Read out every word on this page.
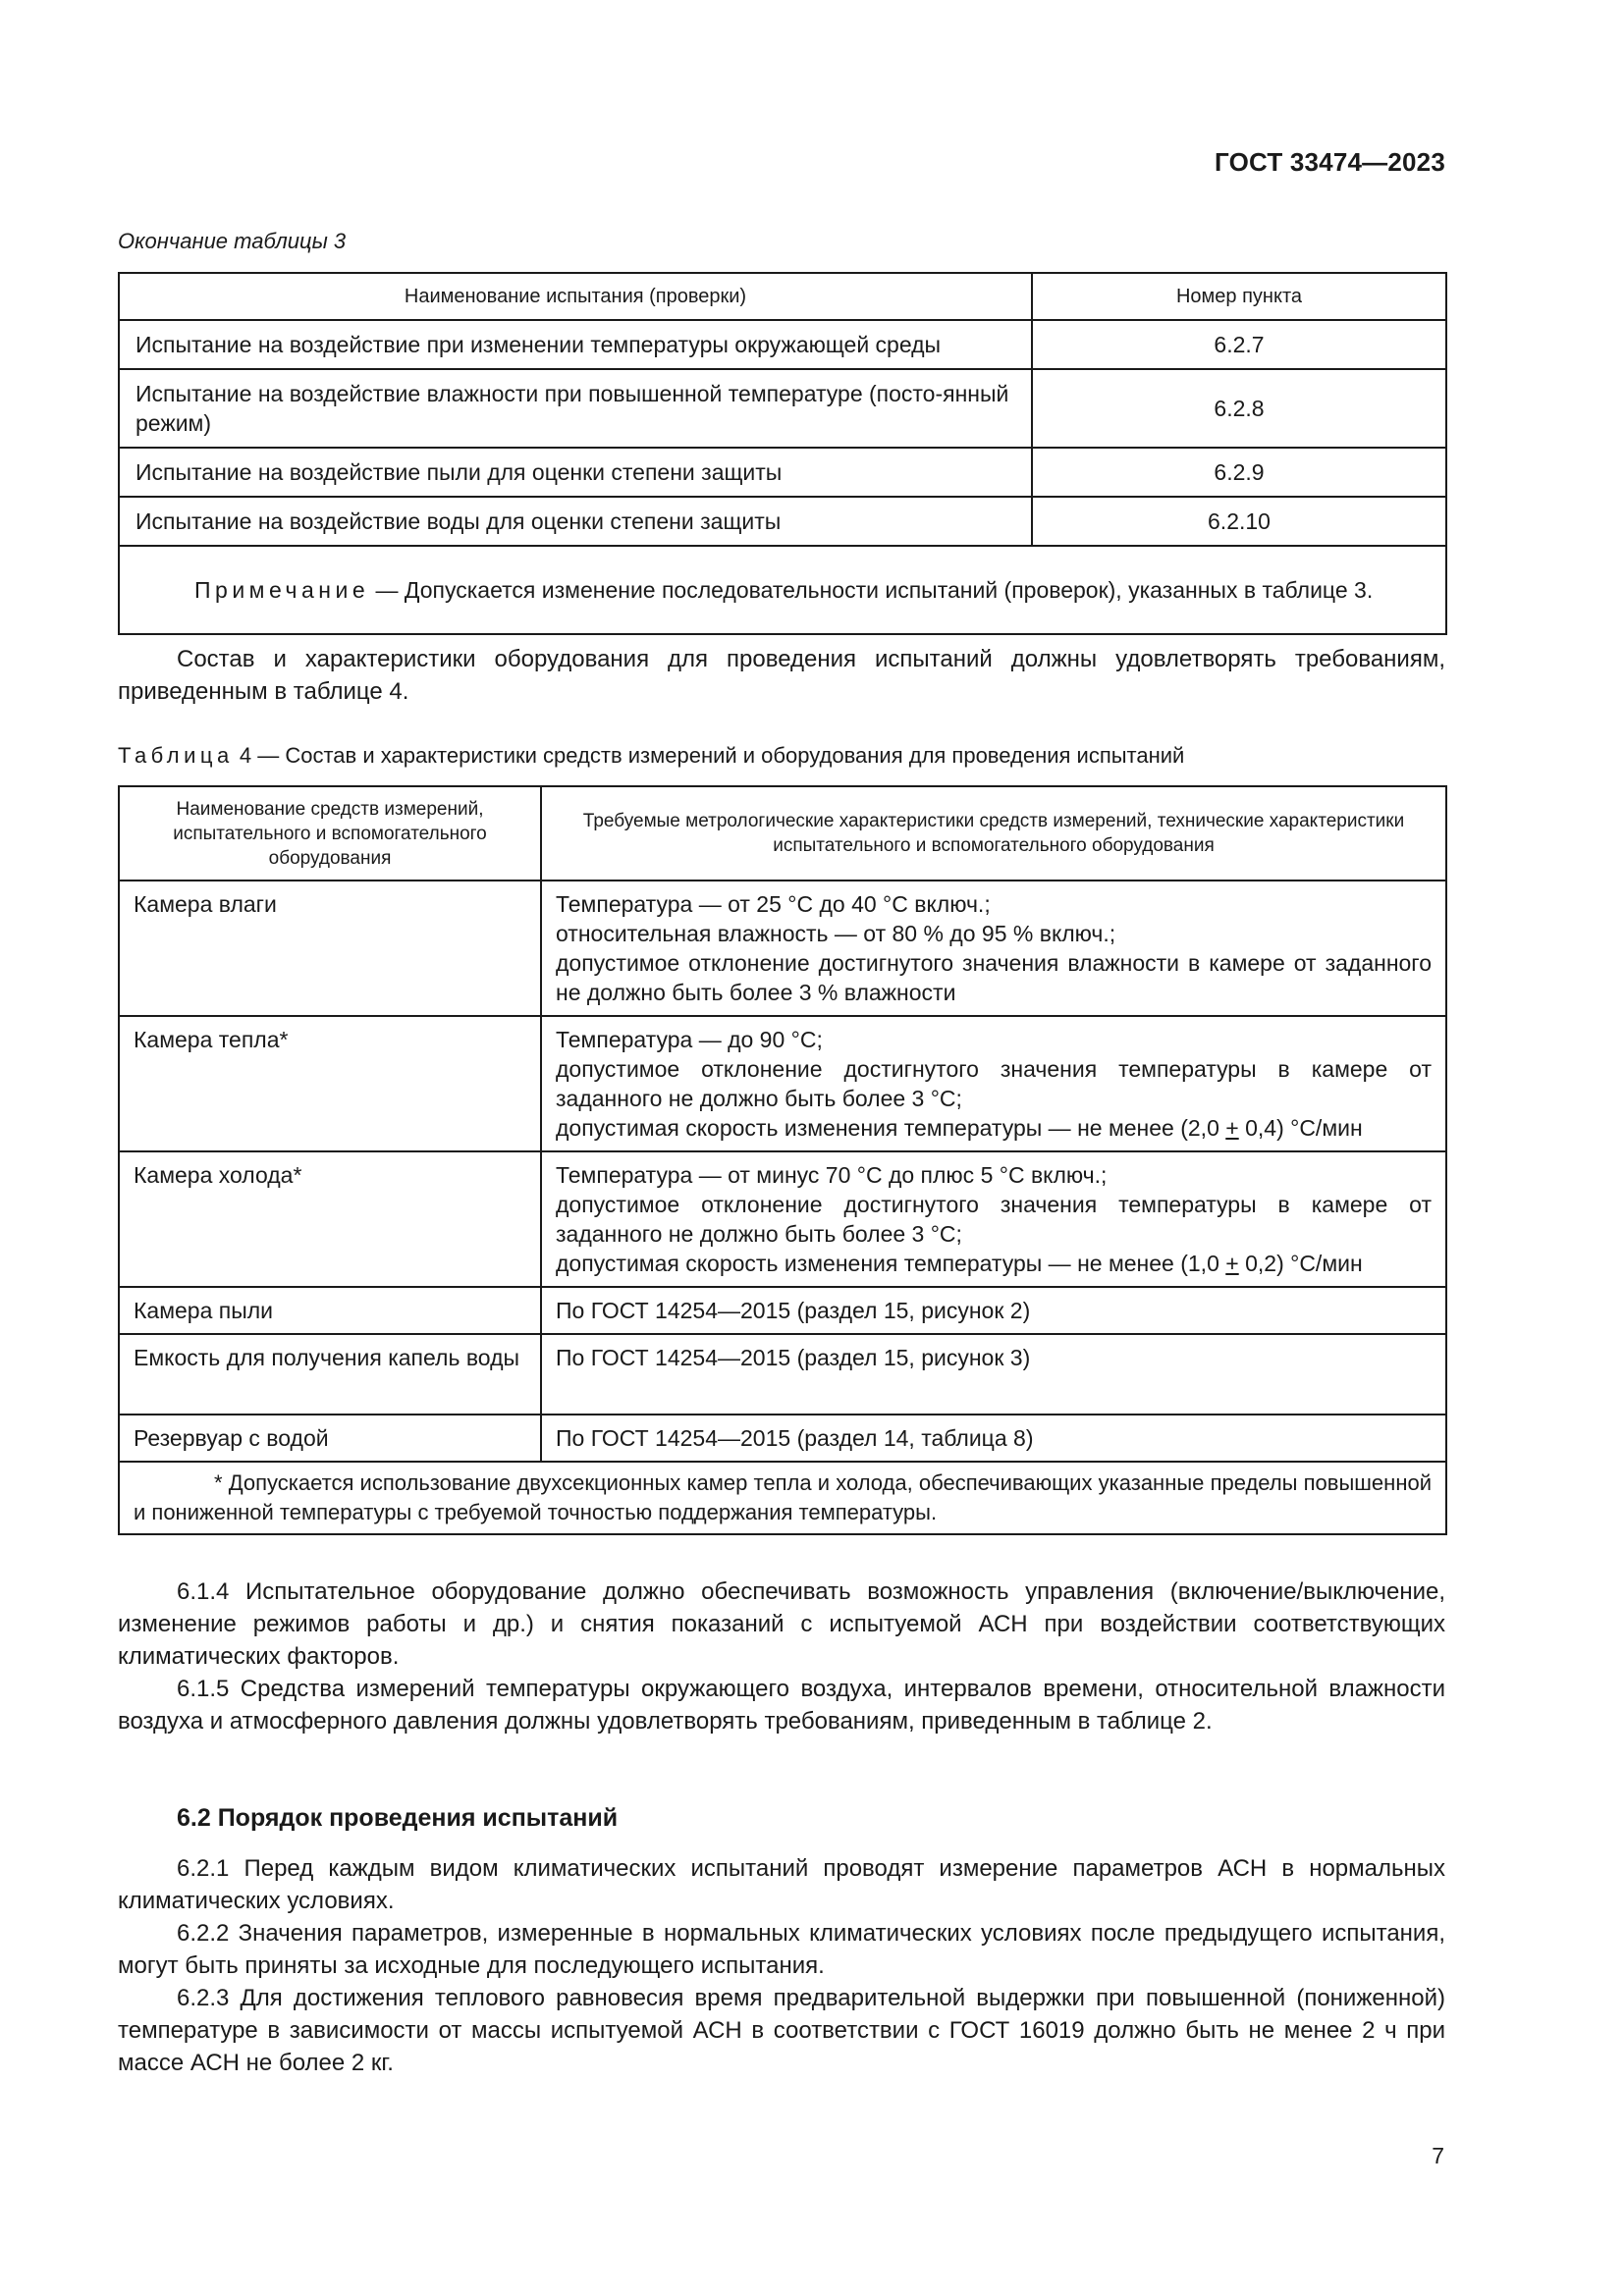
ГОСТ 33474—2023
Окончание таблицы 3
Наименование испытания (проверки)	Номер пункта
Испытание на воздействие при изменении температуры окружающей среды	6.2.7
Испытание на воздействие влажности при повышенной температуре (посто-янный режим)	6.2.8
Испытание на воздействие пыли для оценки степени защиты	6.2.9
Испытание на воздействие воды для оценки степени защиты	6.2.10
Примечание — Допускается изменение последовательности испытаний (проверок), указанных в таблице 3.	

Состав и характеристики оборудования для проведения испытаний должны удовлетворять требованиям, приведенным в таблице 4.

Таблица 4 — Состав и характеристики средств измерений и оборудования для проведения испытаний
Наименование средств измерений, испытательного и вспомогательного оборудования	Требуемые метрологические характеристики средств измерений, технические характеристики испытательного и вспомогательного оборудования
Камера влаги	Температура — от 25 °С до 40 °С включ.;
относительная влажность — от 80 % до 95 % включ.;
допустимое отклонение достигнутого значения влажности в камере от заданного не должно быть более 3 % влажности

Камера тепла*	Температура — до 90 °С;
допустимое отклонение достигнутого значения температуры в камере от заданного не должно быть более 3 °С;
допустимая скорость изменения температуры — не менее (2,0 + 0,4) °С/мин

Камера холода*	Температура — от минус 70 °С до плюс 5 °С включ.;
допустимое отклонение достигнутого значения температуры в камере от заданного не должно быть более 3 °С;
допустимая скорость изменения температуры — не менее (1,0 + 0,2) °С/мин

Камера пыли	По ГОСТ 14254—2015 (раздел 15, рисунок 2)

Емкость для получения капель воды	По ГОСТ 14254—2015 (раздел 15, рисунок 3)

Резервуар с водой	По ГОСТ 14254—2015 (раздел 14, таблица 8)

* Допускается использование двухсекционных камер тепла и холода, обеспечивающих указанные пределы повышенной и пониженной температуры с требуемой точностью поддержания температуры.	

6.1.4 Испытательное оборудование должно обеспечивать возможность управления (включение/выключение, изменение режимов работы и др.) и снятия показаний с испытуемой АСН при воздействии соответствующих климатических факторов.

6.1.5 Средства измерений температуры окружающего воздуха, интервалов времени, относительной влажности воздуха и атмосферного давления должны удовлетворять требованиям, приведенным в таблице 2.

6.2 Порядок проведения испытаний

6.2.1 Перед каждым видом климатических испытаний проводят измерение параметров АСН в нормальных климатических условиях.

6.2.2 Значения параметров, измеренные в нормальных климатических условиях после предыдущего испытания, могут быть приняты за исходные для последующего испытания.

6.2.3 Для достижения теплового равновесия время предварительной выдержки при повышенной (пониженной) температуре в зависимости от массы испытуемой АСН в соответствии с ГОСТ 16019 должно быть не менее 2 ч при массе АСН не более 2 кг.

7
